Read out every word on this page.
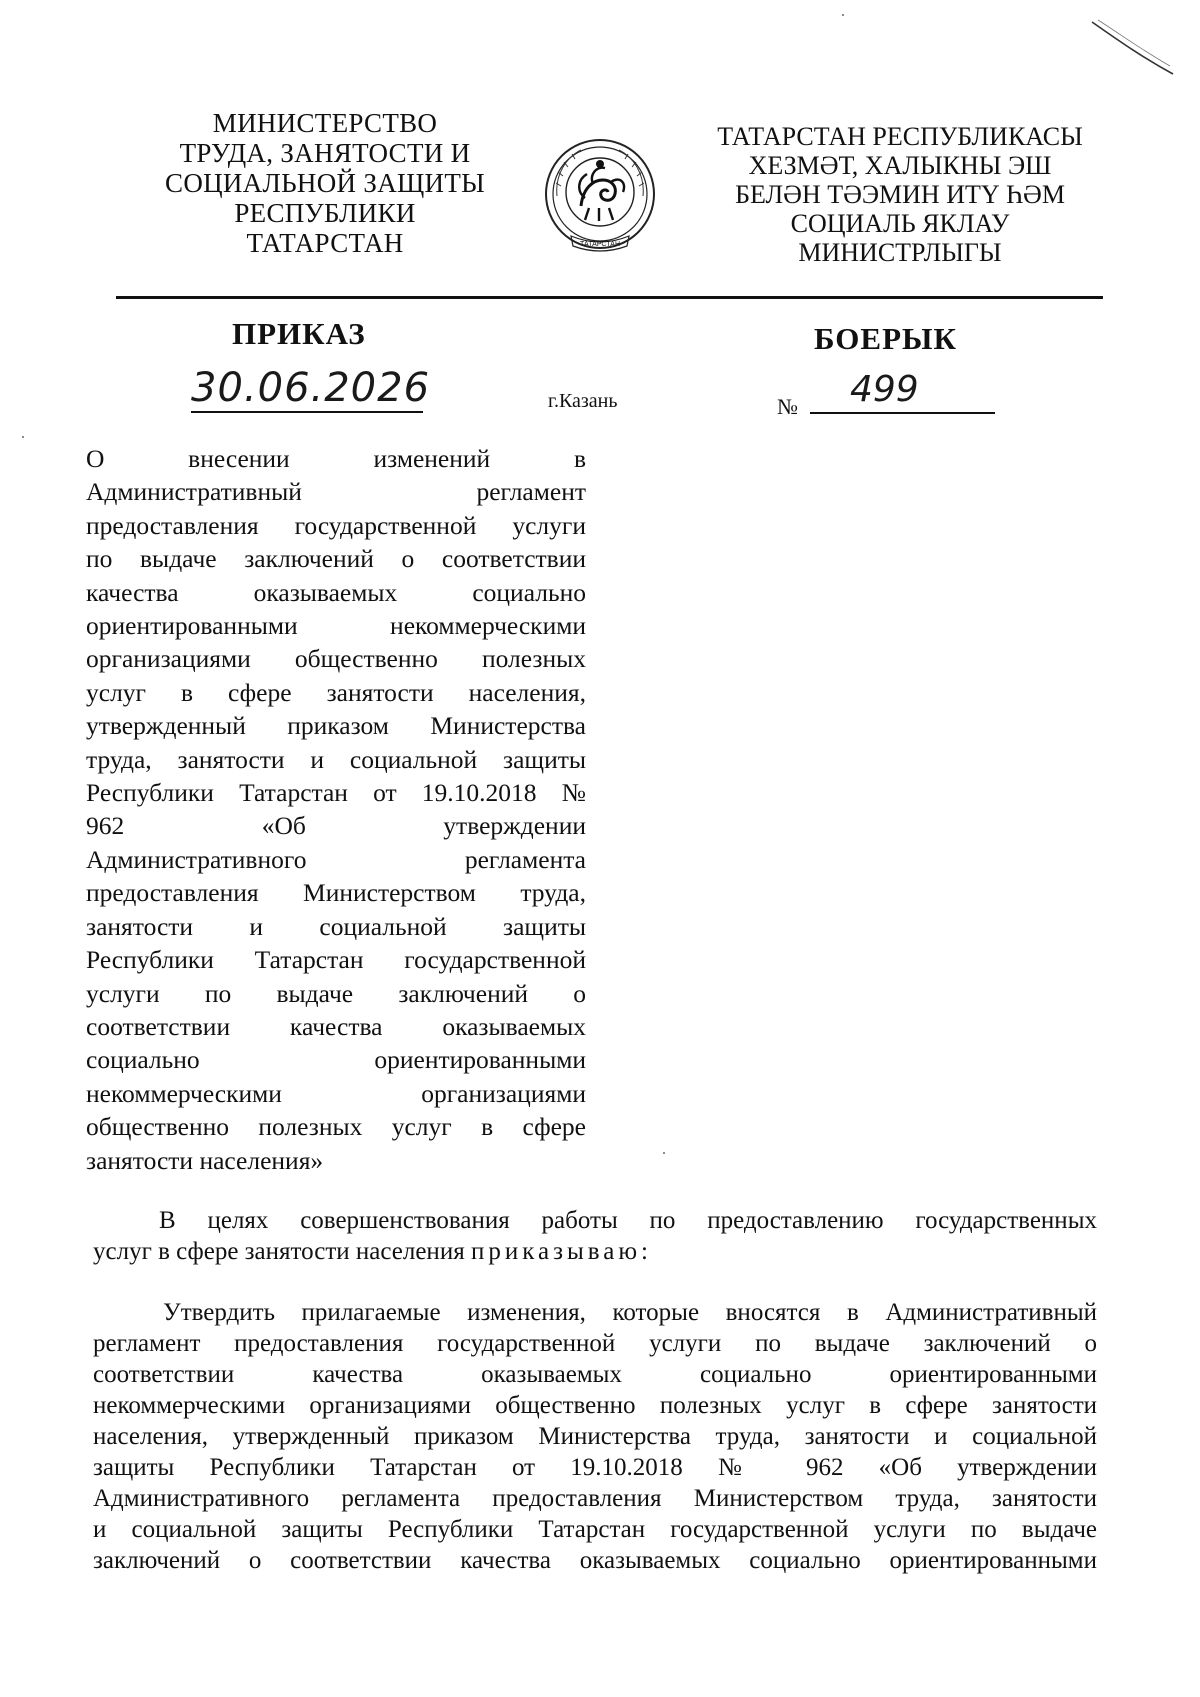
МИНИСТЕРСТВО
ТРУДА, ЗАНЯТОСТИ И
СОЦИАЛЬНОЙ ЗАЩИТЫ
РЕСПУБЛИКИ
ТАТАРСТАН	ТАТАРСТАН
ТАТАРСТАН РЕСПУБЛИКАСЫ
ХЕЗМӘТ, ХАЛЫКНЫ ЭШ
БЕЛӘН ТӘЭМИН ИТҮ ҺӘМ
СОЦИАЛЬ ЯКЛАУ
МИНИСТРЛЫГЫ
ПРИКАЗ	БОЕРЫК
30.06.2026	г.Казань	№	499
О внесении изменений в
Административный регламент
предоставления государственной услуги
по выдаче заключений о соответствии
качества оказываемых социально
ориентированными некоммерческими
организациями общественно полезных
услуг в сфере занятости населения,
утвержденный приказом Министерства
труда, занятости и социальной защиты
Республики Татарстан от 19.10.2018 №
962 «Об утверждении
Административного регламента
предоставления Министерством труда,
занятости и социальной защиты
Республики Татарстан государственной
услуги по выдаче заключений о
соответствии качества оказываемых
социально ориентированными
некоммерческими организациями
общественно полезных услуг в сфере
занятости населения»
В целях совершенствования работы по предоставлению государственных
услуг в сфере занятости населения приказываю:
Утвердить прилагаемые изменения, которые вносятся в Административный
регламент предоставления государственной услуги по выдаче заключений о
соответствии качества оказываемых социально ориентированными
некоммерческими организациями общественно полезных услуг в сфере занятости
населения, утвержденный приказом Министерства труда, занятости и социальной
защиты Республики Татарстан от 19.10.2018 № 962 «Об утверждении
Административного регламента предоставления Министерством труда, занятости
и социальной защиты Республики Татарстан государственной услуги по выдаче
заключений о соответствии качества оказываемых социально ориентированными
